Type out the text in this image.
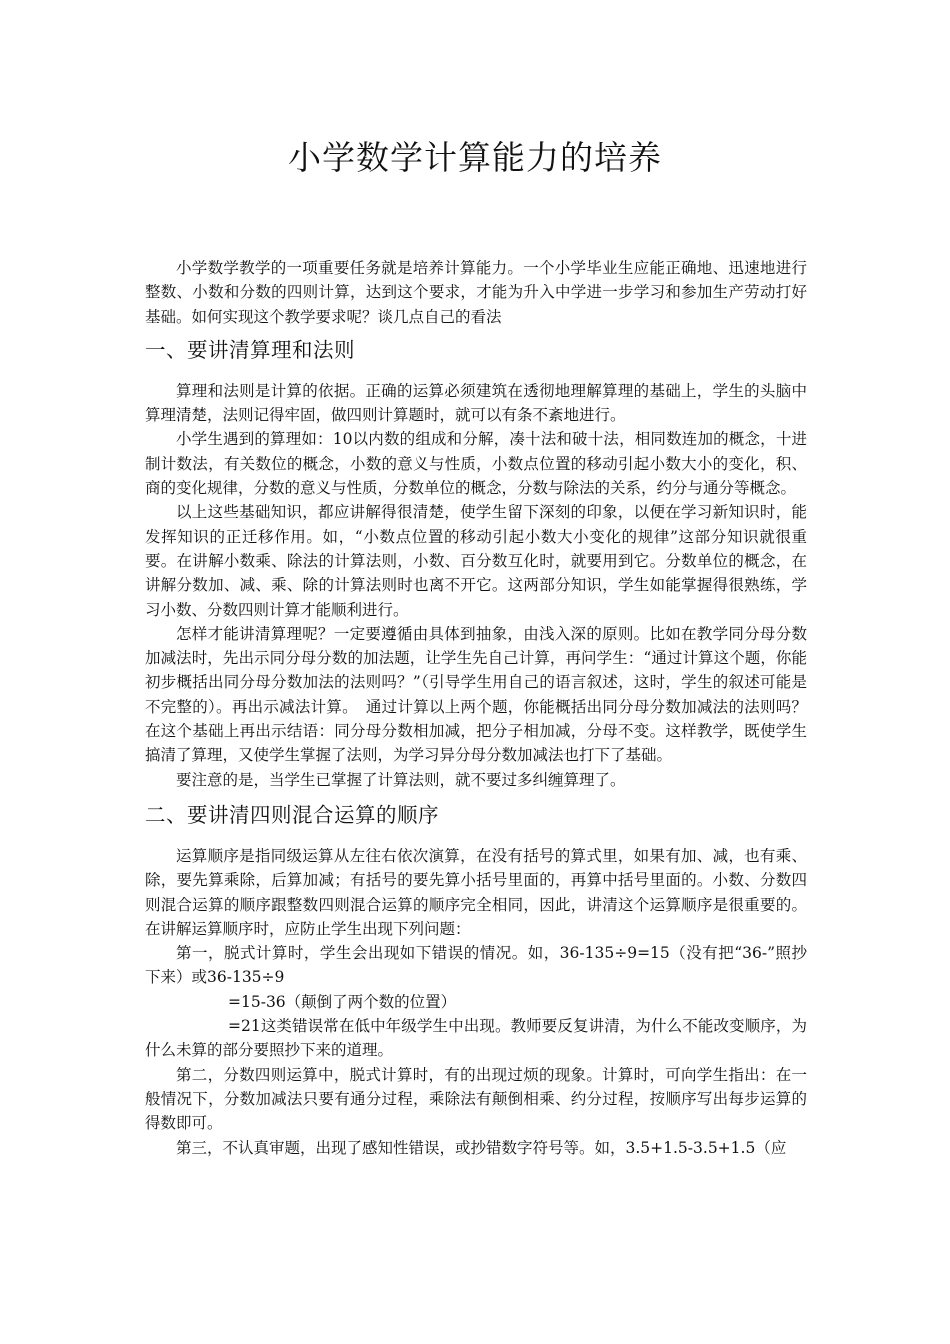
小学数学计算能力的培养

小学数学教学的一项重要任务就是培养计算能力。一个小学毕业生应能正确地、迅速地进行整数、小数和分数的四则计算，达到这个要求，才能为升入中学进一步学习和参加生产劳动打好基础。如何实现这个教学要求呢？谈几点自己的看法

一、要讲清算理和法则

算理和法则是计算的依据。正确的运算必须建筑在透彻地理解算理的基础上，学生的头脑中算理清楚，法则记得牢固，做四则计算题时，就可以有条不紊地进行。

小学生遇到的算理如：10以内数的组成和分解，凑十法和破十法，相同数连加的概念，十进制计数法，有关数位的概念，小数的意义与性质，小数点位置的移动引起小数大小的变化，积、商的变化规律，分数的意义与性质，分数单位的概念，分数与除法的关系，约分与通分等概念。

以上这些基础知识，都应讲解得很清楚，使学生留下深刻的印象，以便在学习新知识时，能发挥知识的正迁移作用。如，“小数点位置的移动引起小数大小变化的规律”这部分知识就很重要。在讲解小数乘、除法的计算法则，小数、百分数互化时，就要用到它。分数单位的概念，在讲解分数加、减、乘、除的计算法则时也离不开它。这两部分知识，学生如能掌握得很熟练，学习小数、分数四则计算才能顺利进行。

怎样才能讲清算理呢？一定要遵循由具体到抽象，由浅入深的原则。比如在教学同分母分数加减法时，先出示同分母分数的加法题，让学生先自己计算，再问学生：“通过计算这个题，你能初步概括出同分母分数加法的法则吗？”（引导学生用自己的语言叙述，这时，学生的叙述可能是不完整的）。再出示减法计算。　通过计算以上两个题，你能概括出同分母分数加减法的法则吗？在这个基础上再出示结语：同分母分数相加减，把分子相加减，分母不变。这样教学，既使学生搞清了算理，又使学生掌握了法则，为学习异分母分数加减法也打下了基础。

要注意的是，当学生已掌握了计算法则，就不要过多纠缠算理了。

二、要讲清四则混合运算的顺序

运算顺序是指同级运算从左往右依次演算，在没有括号的算式里，如果有加、减，也有乘、除，要先算乘除，后算加减；有括号的要先算小括号里面的，再算中括号里面的。小数、分数四则混合运算的顺序跟整数四则混合运算的顺序完全相同，因此，讲清这个运算顺序是很重要的。在讲解运算顺序时，应防止学生出现下列问题：

第一，脱式计算时，学生会出现如下错误的情况。如，36-135÷9=15（没有把“36-”照抄下来）或36-135÷9

=15-36（颠倒了两个数的位置）

=21这类错误常在低中年级学生中出现。教师要反复讲清，为什么不能改变顺序，为什么未算的部分要照抄下来的道理。

第二，分数四则运算中，脱式计算时，有的出现过烦的现象。计算时，可向学生指出：在一般情况下，分数加减法只要有通分过程，乘除法有颠倒相乘、约分过程，按顺序写出每步运算的得数即可。

第三，不认真审题，出现了感知性错误，或抄错数字符号等。如，3.5+1.5-3.5+1.5（应
